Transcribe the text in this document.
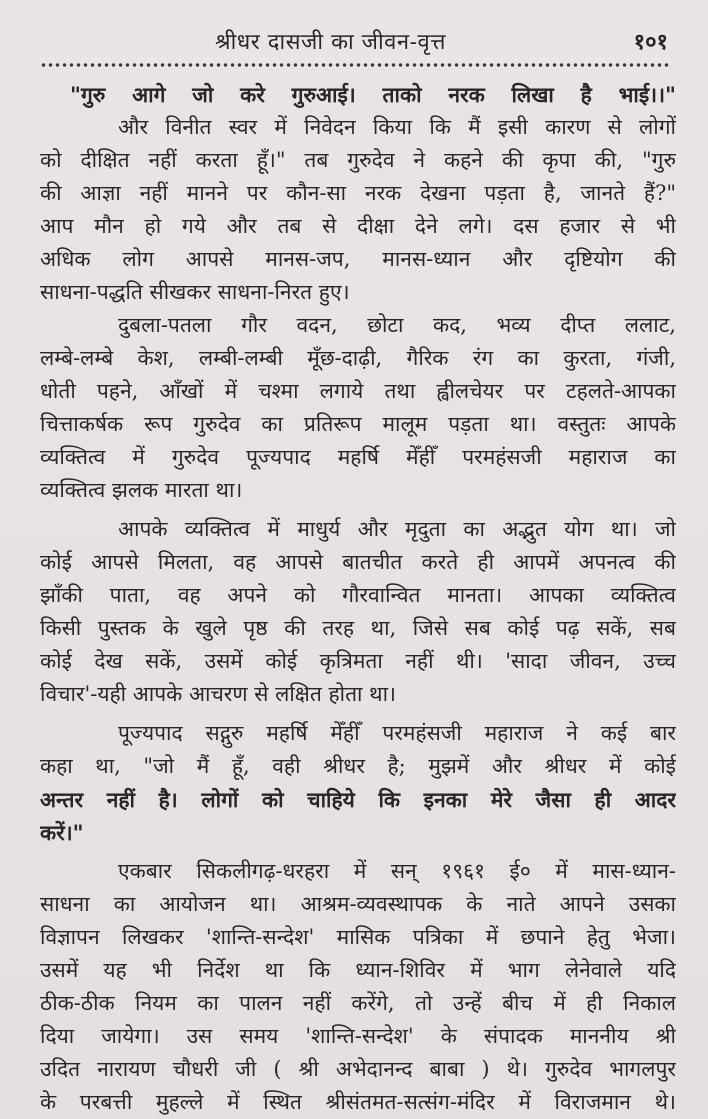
श्रीधर दासजी का जीवन-वृत्त	१०१
"गुरु आगे जो करे गुरुआई। ताको नरक लिखा है भाई।।"
और विनीत स्वर में निवेदन किया कि मैं इसी कारण से लोगों
को दीक्षित नहीं करता हूँ।" तब गुरुदेव ने कहने की कृपा की, "गुरु
की आज्ञा नहीं मानने पर कौन-सा नरक देखना पड़ता है, जानते हैं?"
आप मौन हो गये और तब से दीक्षा देने लगे। दस हजार से भी
अधिक लोग आपसे मानस-जप, मानस-ध्यान और दृष्टियोग की
साधना-पद्धति सीखकर साधना-निरत हुए।
दुबला-पतला गौर वदन, छोटा कद, भव्य दीप्त ललाट,
लम्बे-लम्बे केश, लम्बी-लम्बी मूँछ-दाढ़ी, गैरिक रंग का कुरता, गंजी,
धोती पहने, आँखों में चश्मा लगाये तथा ह्वीलचेयर पर टहलते-आपका
चित्ताकर्षक रूप गुरुदेव का प्रतिरूप मालूम पड़ता था। वस्तुतः आपके
व्यक्तित्व में गुरुदेव पूज्यपाद महर्षि मेँहीँ परमहंसजी महाराज का
व्यक्तित्व झलक मारता था।
आपके व्यक्तित्व में माधुर्य और मृदुता का अद्भुत योग था। जो
कोई आपसे मिलता, वह आपसे बातचीत करते ही आपमें अपनत्व की
झाँकी पाता, वह अपने को गौरवान्वित मानता। आपका व्यक्तित्व
किसी पुस्तक के खुले पृष्ठ की तरह था, जिसे सब कोई पढ़ सकें, सब
कोई देख सकें, उसमें कोई कृत्रिमता नहीं थी। 'सादा जीवन, उच्च
विचार'-यही आपके आचरण से लक्षित होता था।
पूज्यपाद सद्गुरु महर्षि मेँहीँ परमहंसजी महाराज ने कई बार
कहा था, "जो मैं हूँ, वही श्रीधर है; मुझमें और श्रीधर में कोई
अन्तर नहीं है। लोगों को चाहिये कि इनका मेरे जैसा ही आदर
करें।"
एकबार सिकलीगढ़-धरहरा में सन् १९६१ ई० में मास-ध्यान-
साधना का आयोजन था। आश्रम-व्यवस्थापक के नाते आपने उसका
विज्ञापन लिखकर 'शान्ति-सन्देश' मासिक पत्रिका में छपाने हेतु भेजा।
उसमें यह भी निर्देश था कि ध्यान-शिविर में भाग लेनेवाले यदि
ठीक-ठीक नियम का पालन नहीं करेंगे, तो उन्हें बीच में ही निकाल
दिया जायेगा। उस समय 'शान्ति-सन्देश' के संपादक माननीय श्री
उदित नारायण चौधरी जी ( श्री अभेदानन्द बाबा ) थे। गुरुदेव भागलपुर
के परबत्ती मुहल्ले में स्थित श्रीसंतमत-सत्संग-मंदिर में विराजमान थे।
